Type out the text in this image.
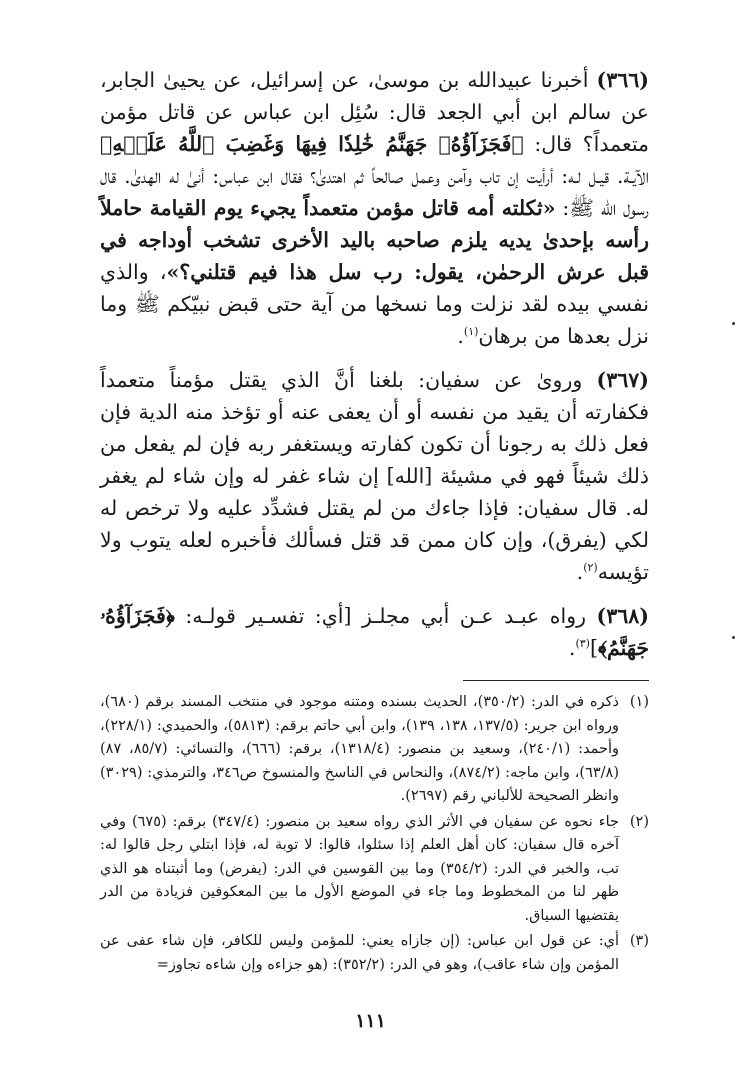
(٣٦٦) أخبرنا عبيدالله بن موسىٰ، عن إسرائيل، عن يحيىٰ الجابر، عن سالم ابن أبي الجعد قال: سُئِل ابن عباس عن قاتل مؤمن متعمداً؟ قال: ﴿فَجَزَآؤُهُۥ جَهَنَّمُ خَٰلِدٗا فِيهَا وَغَضِبَ ٱللَّهُ عَلَيۡهِ﴾ الآيـة. قيـل لـه: أرأيت إن تاب وآمن وعمل صالحاً ثم اهتدىٰ؟ فقال ابن عباس: أنىٰ له الهدىٰ. قال رسول الله ﷺ: «ثكلته أمه قاتل مؤمن متعمداً يجيء يوم القيامة حاملاً رأسه بإحدىٰ يديه يلزم صاحبه باليد الأخرى تشخب أوداجه في قبل عرش الرحمٰن، يقول: رب سل هذا فيم قتلني؟»، والذي نفسي بيده لقد نزلت وما نسخها من آية حتى قبض نبيّكم ﷺ وما نزل بعدها من برهان$^{(١)}$.

(٣٦٧) ورویٰ عن سفيان: بلغنا أنَّ الذي يقتل مؤمناً متعمداً فكفارته أن يقيد من نفسه أو أن يعفى عنه أو تؤخذ منه الدية فإن فعل ذلك به رجونا أن تكون كفارته ويستغفر ربه فإن لم يفعل من ذلك شيئاً فهو في مشيئة [الله] إن شاء غفر له وإن شاء لم يغفر له. قال سفيان: فإذا جاءك من لم يقتل فشدِّد عليه ولا ترخص له لكي (يفرق)، وإن كان ممن قد قتل فسألك فأخبره لعله يتوب ولا تؤيسه$^{(٢)}$.

(٣٦٨) رواه عبـد عـن أبي مجلـز [أي: تفسـير قولـه: ﴿فَجَزَآؤُهُۥ جَهَنَّمُ﴾]$^{(٣)}$.

(١)
ذكره في الدر: (٣٥٠/٢)، الحديث بسنده ومتنه موجود في منتخب المسند برقم (٦٨٠)، ورواه ابن جرير: (١٣٧/٥، ١٣٨، ١٣٩)، وابن أبي حاتم برقم: (٥٨١٣)، والحميدي: (٢٢٨/١)، وأحمد: (٢٤٠/١)، وسعيد بن منصور: (١٣١٨/٤)، برقم: (٦٦٦)، والنسائي: (٨٥/٧، ٨٧) (٦٣/٨)، وابن ماجه: (٨٧٤/٢)، والنحاس في الناسخ والمنسوخ ص٣٤٦، والترمذي: (٣٠٢٩) وانظر الصحيحة للألباني رقم (٢٦٩٧).
(٢)
جاء نحوه عن سفيان في الأثر الذي رواه سعيد بن منصور: (٣٤٧/٤) برقم: (٦٧٥) وفي آخره قال سفيان: كان أهل العلم إذا سئلوا، قالوا: لا توبة له، فإذا ابتلي رجل قالوا له: تب، والخبر في الدر: (٣٥٤/٢) وما بين القوسين في الدر: (يفرض) وما أثبتناه هو الذي ظهر لنا من المخطوط وما جاء في الموضع الأول ما بين المعكوفين فزيادة من الدر يقتضيها السياق.
(٣)
أي: عن قول ابن عباس: (إن جازاه يعني: للمؤمن وليس للكافر، فإن شاء عفى عن المؤمن وإن شاء عاقب)، وهو في الدر: (٣٥٢/٢): (هو جزاءه وإن شاءه تجاوز=
١١١
